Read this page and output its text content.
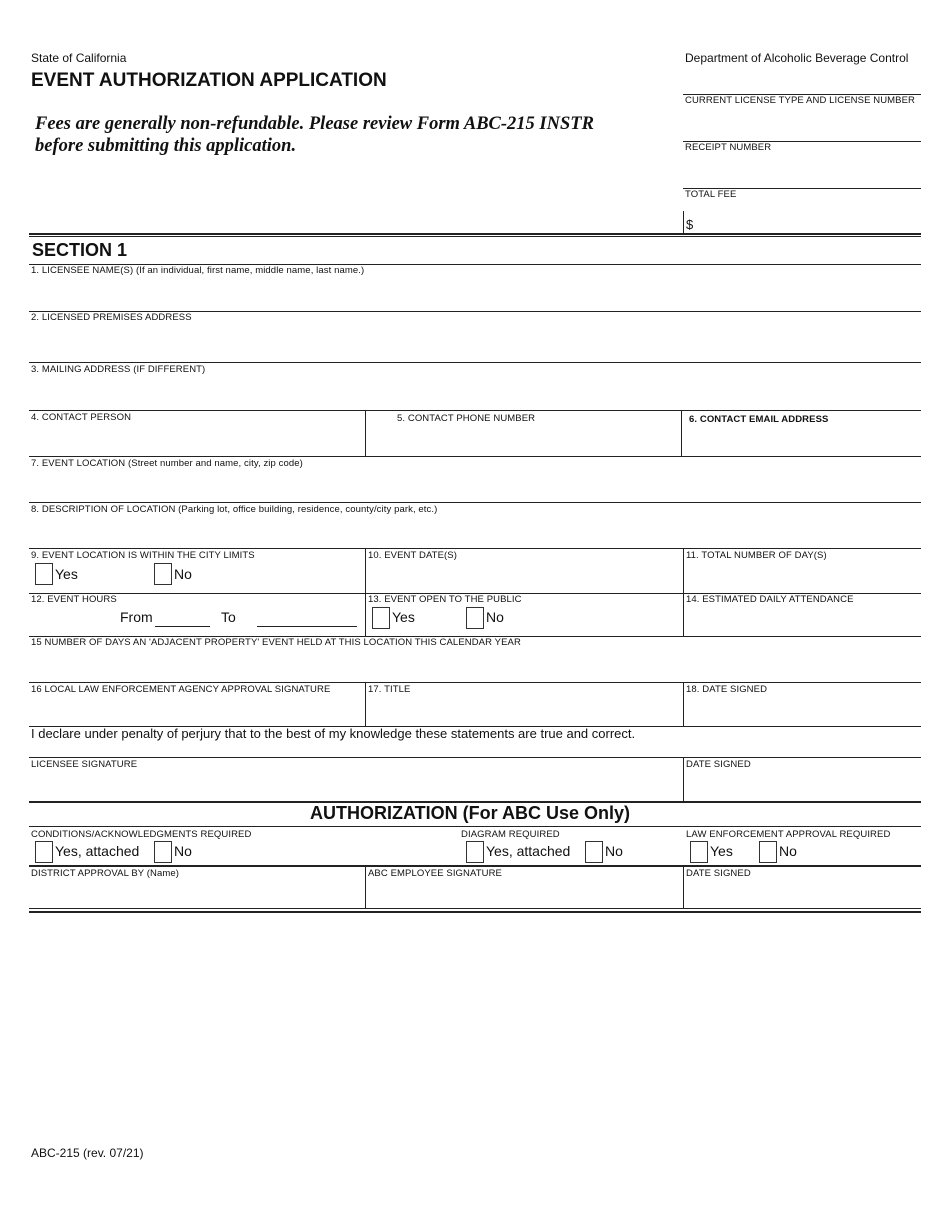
State of California	Department of Alcoholic Beverage Control
EVENT AUTHORIZATION APPLICATION
Fees are generally non-refundable. Please review Form ABC-215 INSTR
before submitting this application.
CURRENT LICENSE TYPE AND LICENSE NUMBER
RECEIPT NUMBER
TOTAL FEE
$
SECTION 1
1. LICENSEE NAME(S) (If an individual, first name, middle name, last name.)
2. LICENSED PREMISES ADDRESS
3. MAILING ADDRESS (IF DIFFERENT)
4. CONTACT PERSON	5. CONTACT PHONE NUMBER	6. CONTACT EMAIL ADDRESS
7. EVENT LOCATION (Street number and name, city, zip code)
8. DESCRIPTION OF LOCATION (Parking lot, office building, residence, county/city park, etc.)
9. EVENT LOCATION IS WITHIN THE CITY LIMITS
Yes	No
10. EVENT DATE(S)	11. TOTAL NUMBER OF DAY(S)
12. EVENT HOURS
From	To
13. EVENT OPEN TO THE PUBLIC
Yes	No
14. ESTIMATED DAILY ATTENDANCE
15 NUMBER OF DAYS AN 'ADJACENT PROPERTY' EVENT HELD AT THIS LOCATION THIS CALENDAR YEAR
16 LOCAL LAW ENFORCEMENT AGENCY APPROVAL SIGNATURE	17. TITLE	18. DATE SIGNED
I declare under penalty of perjury that to the best of my knowledge these statements are true and correct.
LICENSEE SIGNATURE	DATE SIGNED
AUTHORIZATION (For ABC Use Only)
CONDITIONS/ACKNOWLEDGMENTS REQUIRED
Yes, attached No
DIAGRAM REQUIRED
Yes, attached No
LAW ENFORCEMENT APPROVAL REQUIRED
Yes	No
DISTRICT APPROVAL BY (Name)	ABC EMPLOYEE SIGNATURE	DATE SIGNED
ABC-215 (rev. 07/21)
